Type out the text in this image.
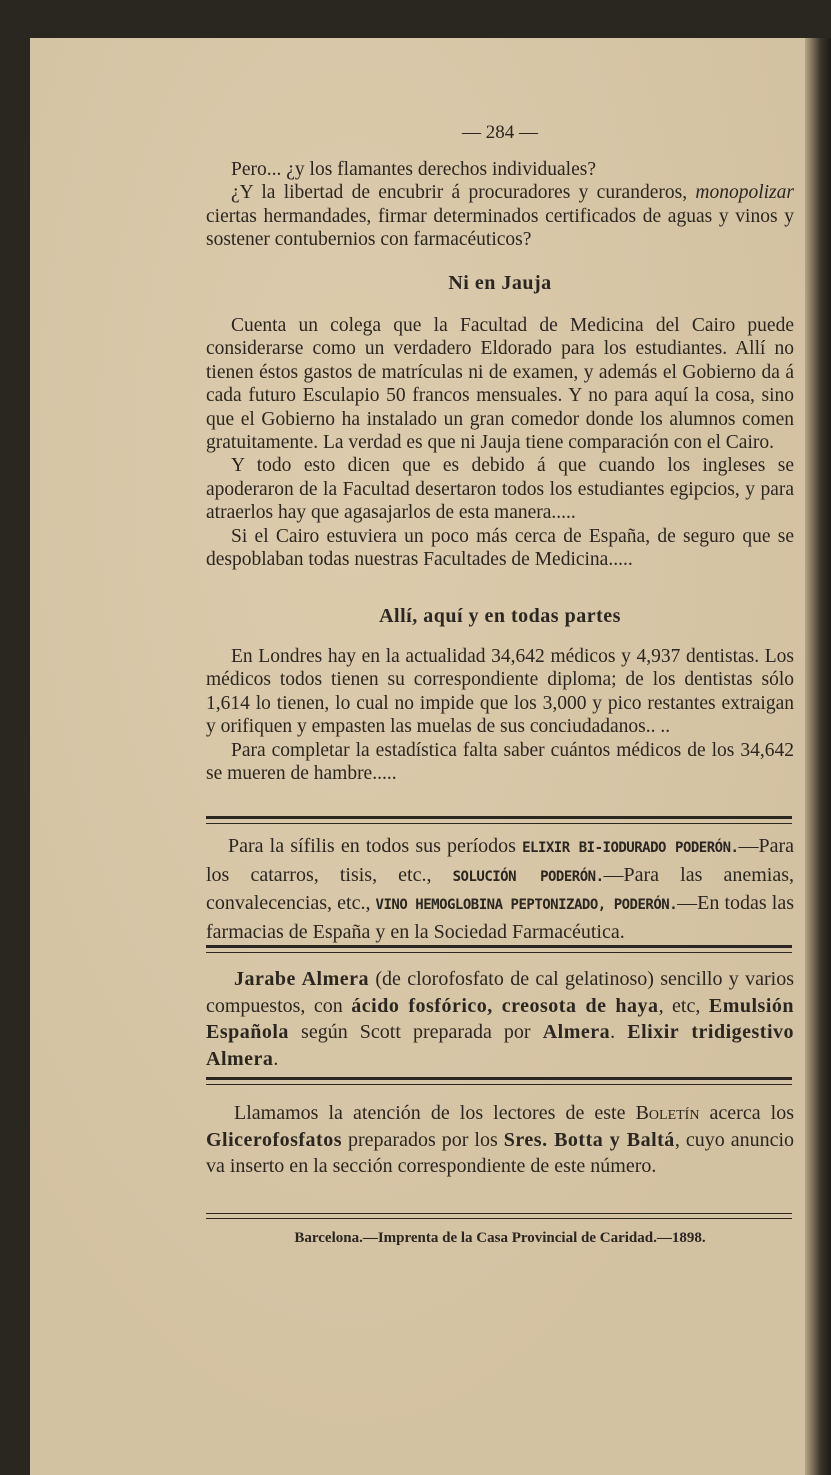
— 284 —

Pero... ¿y los flamantes derechos individuales?

¿Y la libertad de encubrir á procuradores y curanderos, monopolizar ciertas hermandades, firmar determinados certificados de aguas y vinos y sostener contubernios con farmacéuticos?

Ni en Jauja

Cuenta un colega que la Facultad de Medicina del Cairo puede considerarse como un verdadero Eldorado para los estudiantes. Allí no tienen éstos gastos de matrículas ni de examen, y además el Gobierno da á cada futuro Esculapio 50 francos mensuales. Y no para aquí la cosa, sino que el Gobierno ha instalado un gran comedor donde los alumnos comen gratuitamente. La verdad es que ni Jauja tiene comparación con el Cairo.

Y todo esto dicen que es debido á que cuando los ingleses se apoderaron de la Facultad desertaron todos los estudiantes egipcios, y para atraerlos hay que agasajarlos de esta manera.....

Si el Cairo estuviera un poco más cerca de España, de seguro que se despoblaban todas nuestras Facultades de Medicina.....

Allí, aquí y en todas partes

En Londres hay en la actualidad 34,642 médicos y 4,937 dentistas. Los médicos todos tienen su correspondiente diploma; de los dentistas sólo 1,614 lo tienen, lo cual no impide que los 3,000 y pico restantes extraigan y orifiquen y empasten las muelas de sus conciudadanos.. ..

Para completar la estadística falta saber cuántos médicos de los 34,642 se mueren de hambre.....

Para la sífilis en todos sus períodos ELIXIR BI-IODURADO PODERÓN.—Para los catarros, tisis, etc., SOLUCIÓN PODERÓN.—Para las anemias, convalecencias, etc., VINO HEMOGLOBINA PEPTONIZADO, PODERÓN.—En todas las farmacias de España y en la Sociedad Farmacéutica.

Jarabe Almera (de clorofosfato de cal gelatinoso) sencillo y varios compuestos, con ácido fosfórico, creosota de haya, etc, Emulsión Española según Scott preparada por Almera. Elixir tridigestivo Almera.

Llamamos la atención de los lectores de este Boletín acerca los Glicerofosfatos preparados por los Sres. Botta y Baltá, cuyo anuncio va inserto en la sección correspondiente de este número.

Barcelona.—Imprenta de la Casa Provincial de Caridad.—1898.
